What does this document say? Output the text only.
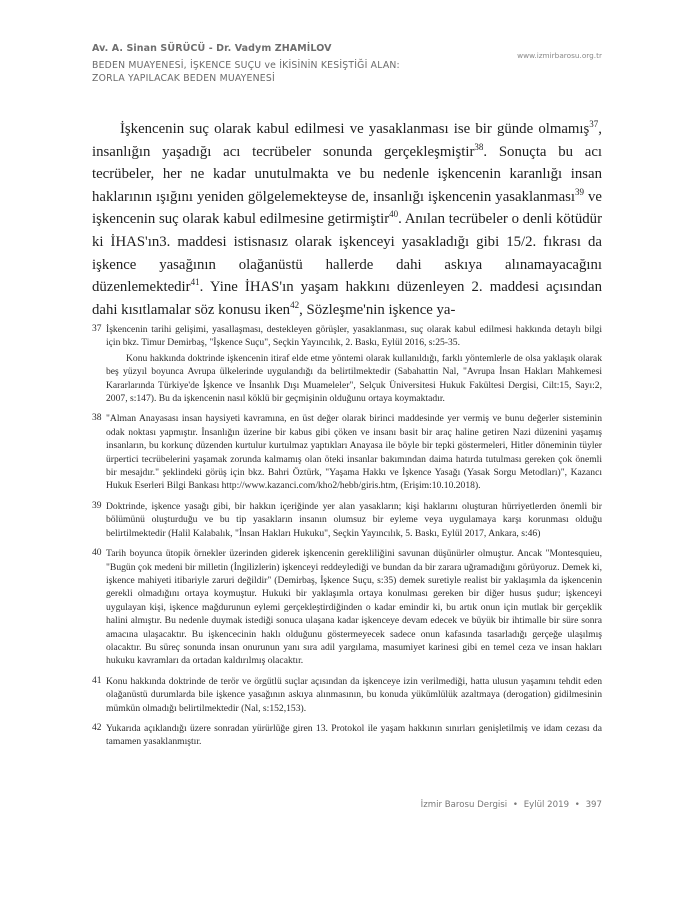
Av. A. Sinan SÜRÜCÜ - Dr. Vadym ZHAMİLOV
BEDEN MUAYENESİ, İŞKENCE SUÇU ve İKİSİNİN KESİŞTİĞİ ALAN:
ZORLA YAPILACAK BEDEN MUAYENESİ
www.izmirbarosu.org.tr

İşkencenin suç olarak kabul edilmesi ve yasaklanması ise bir günde olmamış$^{37}$, insanlığın yaşadığı acı tecrübeler sonunda gerçekleşmiştir$^{38}$. Sonuçta bu acı tecrübeler, her ne kadar unutulmakta ve bu nedenle işkencenin karanlığı insan haklarının ışığını yeniden gölgelemekteyse de, insanlığı işkencenin yasaklanması$^{39}$ ve işkencenin suç olarak kabul edilmesine getirmiştir$^{40}$. Anılan tecrübeler o denli kötüdür ki İHAS'ın3. maddesi istisnasız olarak işkenceyi yasakladığı gibi 15/2. fıkrası da işkence yasağının olağanüstü hallerde dahi askıya alınamayacağını düzenlemektedir$^{41}$. Yine İHAS'ın yaşam hakkını düzenleyen 2. maddesi açısından dahi kısıtlamalar söz konusu iken$^{42}$, Sözleşme'nin işkence ya-

37 İşkencenin tarihi gelişimi, yasallaşması, destekleyen görüşler, yasaklanması, suç olarak kabul edilmesi hakkında detaylı bilgi için bkz. Timur Demirbaş, "İşkence Suçu", Seçkin Yayıncılık, 2. Baskı, Eylül 2016, s:25-35.
Konu hakkında doktrinde işkencenin itiraf elde etme yöntemi olarak kullanıldığı, farklı yöntemlerle de olsa yaklaşık olarak beş yüzyıl boyunca Avrupa ülkelerinde uygulandığı da belirtilmektedir (Sabahattin Nal, "Avrupa İnsan Hakları Mahkemesi Kararlarında Türkiye'de İşkence ve İnsanlık Dışı Muameleler", Selçuk Üniversitesi Hukuk Fakültesi Dergisi, Cilt:15, Sayı:2, 2007, s:147). Bu da işkencenin nasıl köklü bir geçmişinin olduğunu ortaya koymaktadır.
38 "Alman Anayasası insan haysiyeti kavramına, en üst değer olarak birinci maddesinde yer vermiş ve bunu değerler sisteminin odak noktası yapmıştır. İnsanlığın üzerine bir kabus gibi çöken ve insanı basit bir araç haline getiren Nazi düzenini yaşamış insanların, bu korkunç düzenden kurtulur kurtulmaz yaptıkları Anayasa ile böyle bir tepki göstermeleri, Hitler döneminin tüyler ürpertici tecrübelerini yaşamak zorunda kalmamış olan öteki insanlar bakımından daima hatırda tutulması gereken çok önemli bir mesajdır." şeklindeki görüş için bkz. Bahri Öztürk, "Yaşama Hakkı ve İşkence Yasağı (Yasak Sorgu Metodları)", Kazancı Hukuk Eserleri Bilgi Bankası http://www.kazanci.com/kho2/hebb/giris.htm, (Erişim:10.10.2018).
39 Doktrinde, işkence yasağı gibi, bir hakkın içeriğinde yer alan yasakların; kişi haklarını oluşturan hürriyetlerden önemli bir bölümünü oluşturduğu ve bu tip yasakların insanın olumsuz bir eyleme veya uygulamaya karşı korunması olduğu belirtilmektedir (Halil Kalabalık, "İnsan Hakları Hukuku", Seçkin Yayıncılık, 5. Baskı, Eylül 2017, Ankara, s:46)
40 Tarih boyunca ütopik örnekler üzerinden giderek işkencenin gerekliliğini savunan düşünürler olmuştur. Ancak "Montesquieu, "Bugün çok medeni bir milletin (İngilizlerin) işkenceyi reddeylediği ve bundan da bir zarara uğramadığını görüyoruz. Demek ki, işkence mahiyeti itibariyle zaruri değildir" (Demirbaş, İşkence Suçu, s:35) demek suretiyle realist bir yaklaşımla da işkencenin gerekli olmadığını ortaya koymuştur. Hukuki bir yaklaşımla ortaya konulması gereken bir diğer husus şudur; işkenceyi uygulayan kişi, işkence mağdurunun eylemi gerçekleştirdiğinden o kadar emindir ki, bu artık onun için mutlak bir gerçeklik halini almıştır. Bu nedenle duymak istediği sonuca ulaşana kadar işkenceye devam edecek ve büyük bir ihtimalle bir süre sonra amacına ulaşacaktır. Bu işkencecinin haklı olduğunu göstermeyecek sadece onun kafasında tasarladığı gerçeğe ulaşılmış olacaktır. Bu süreç sonunda insan onurunun yanı sıra adil yargılama, masumiyet karinesi gibi en temel ceza ve insan hakları hukuku kavramları da ortadan kaldırılmış olacaktır.
41 Konu hakkında doktrinde de terör ve örgütlü suçlar açısından da işkenceye izin verilmediği, hatta ulusun yaşamını tehdit eden olağanüstü durumlarda bile işkence yasağının askıya alınmasının, bu konuda yükümlülük azaltmaya (derogation) gidilmesinin mümkün olmadığı belirtilmektedir (Nal, s:152,153).
42 Yukarıda açıklandığı üzere sonradan yürürlüğe giren 13. Protokol ile yaşam hakkının sınırları genişletilmiş ve idam cezası da tamamen yasaklanmıştır.
İzmir Barosu Dergisi • Eylül 2019 • 397
